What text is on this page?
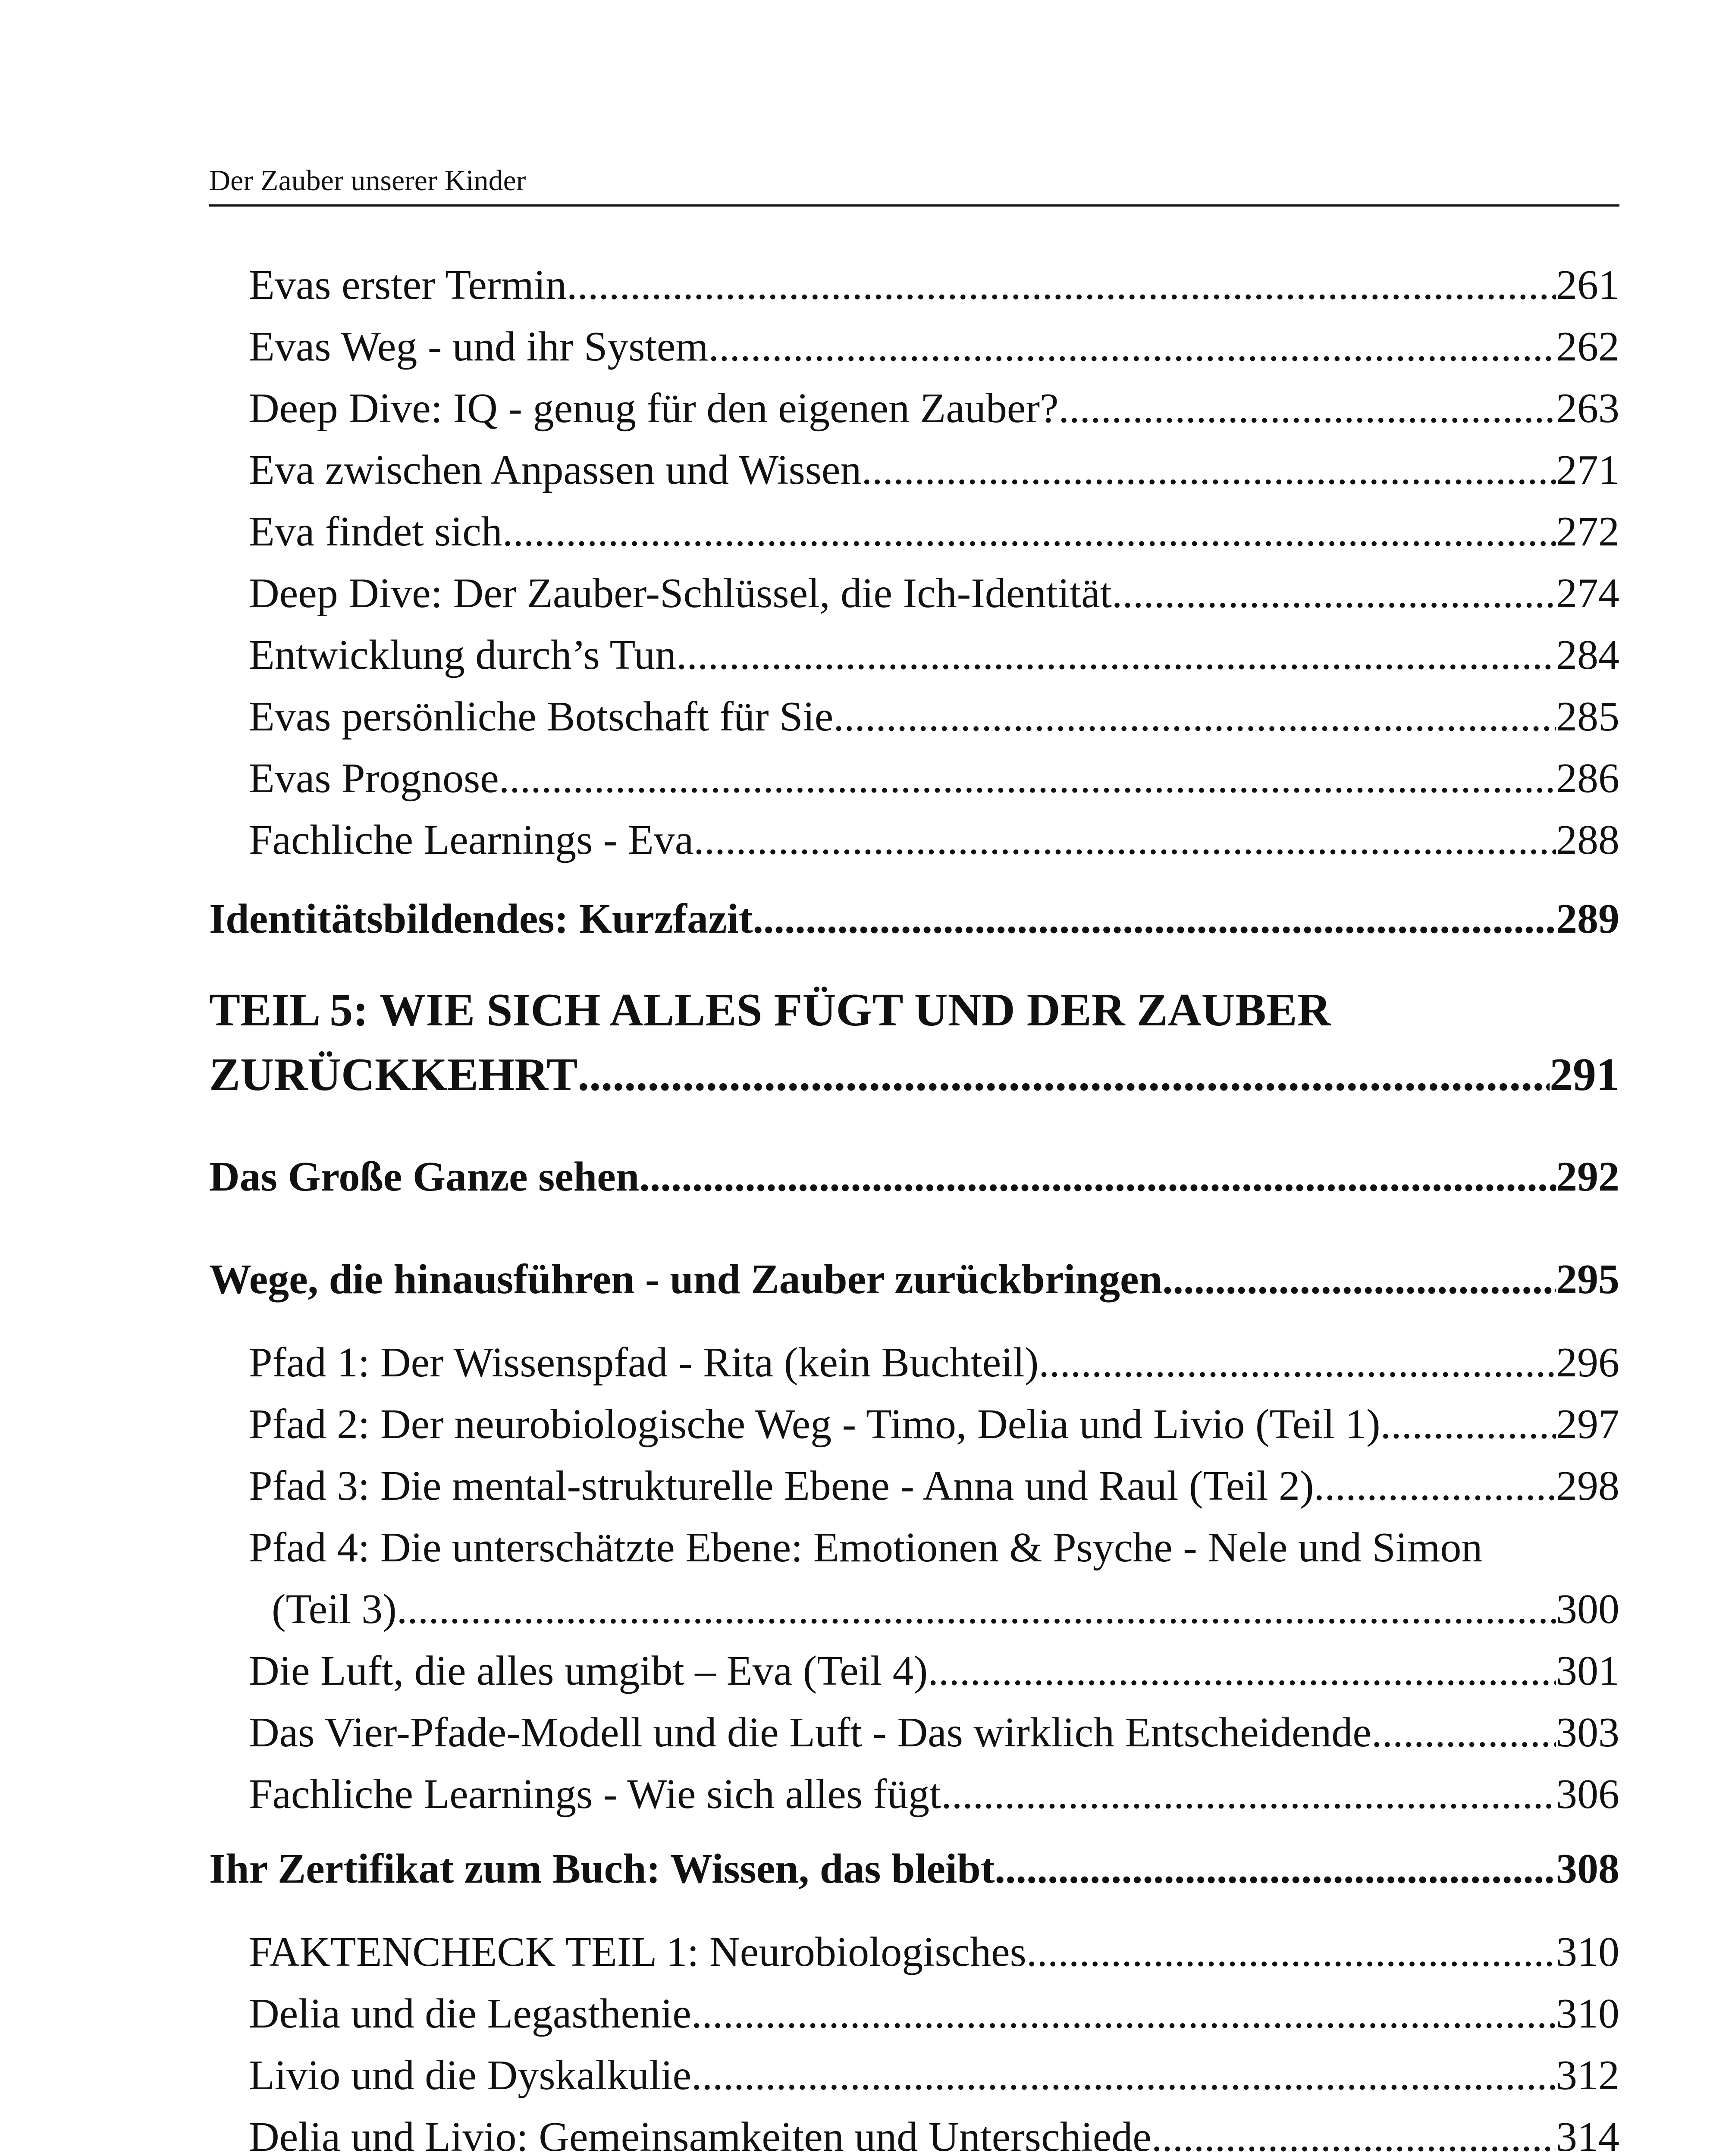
Der Zauber unserer Kinder
Evas erster Termin .....	261
Evas Weg - und ihr System .....	262
Deep Dive: IQ - genug für den eigenen Zauber? .....	263
Eva zwischen Anpassen und Wissen .....	271
Eva findet sich .....	272
Deep Dive: Der Zauber-Schlüssel, die Ich-Identität .....	274
Entwicklung durch’s Tun .....	284
Evas persönliche Botschaft für Sie .....	285
Evas Prognose .....	286
Fachliche Learnings - Eva .....	288
Identitätsbildendes: Kurzfazit .....	289
TEIL 5: WIE SICH ALLES FÜGT UND DER ZAUBER
ZURÜCKKEHRT .....	291
Das Große Ganze sehen .....	292
Wege, die hinausführen - und Zauber zurückbringen .....	295
Pfad 1: Der Wissenspfad - Rita (kein Buchteil) .....	296
Pfad 2: Der neurobiologische Weg - Timo, Delia und Livio (Teil 1). .....	297
Pfad 3: Die mental-strukturelle Ebene - Anna und Raul (Teil 2) .....	298
Pfad 4: Die unterschätzte Ebene: Emotionen & Psyche - Nele und Simon
(Teil 3) .....	300
Die Luft, die alles umgibt – Eva (Teil 4) .....	301
Das Vier-Pfade-Modell und die Luft - Das wirklich Entscheidende .....	303
Fachliche Learnings - Wie sich alles fügt .....	306
Ihr Zertifikat zum Buch: Wissen, das bleibt .....	308
FAKTENCHECK TEIL 1: Neurobiologisches .....	310
Delia und die Legasthenie .....	310
Livio und die Dyskalkulie .....	312
Delia und Livio: Gemeinsamkeiten und Unterschiede .....	314
